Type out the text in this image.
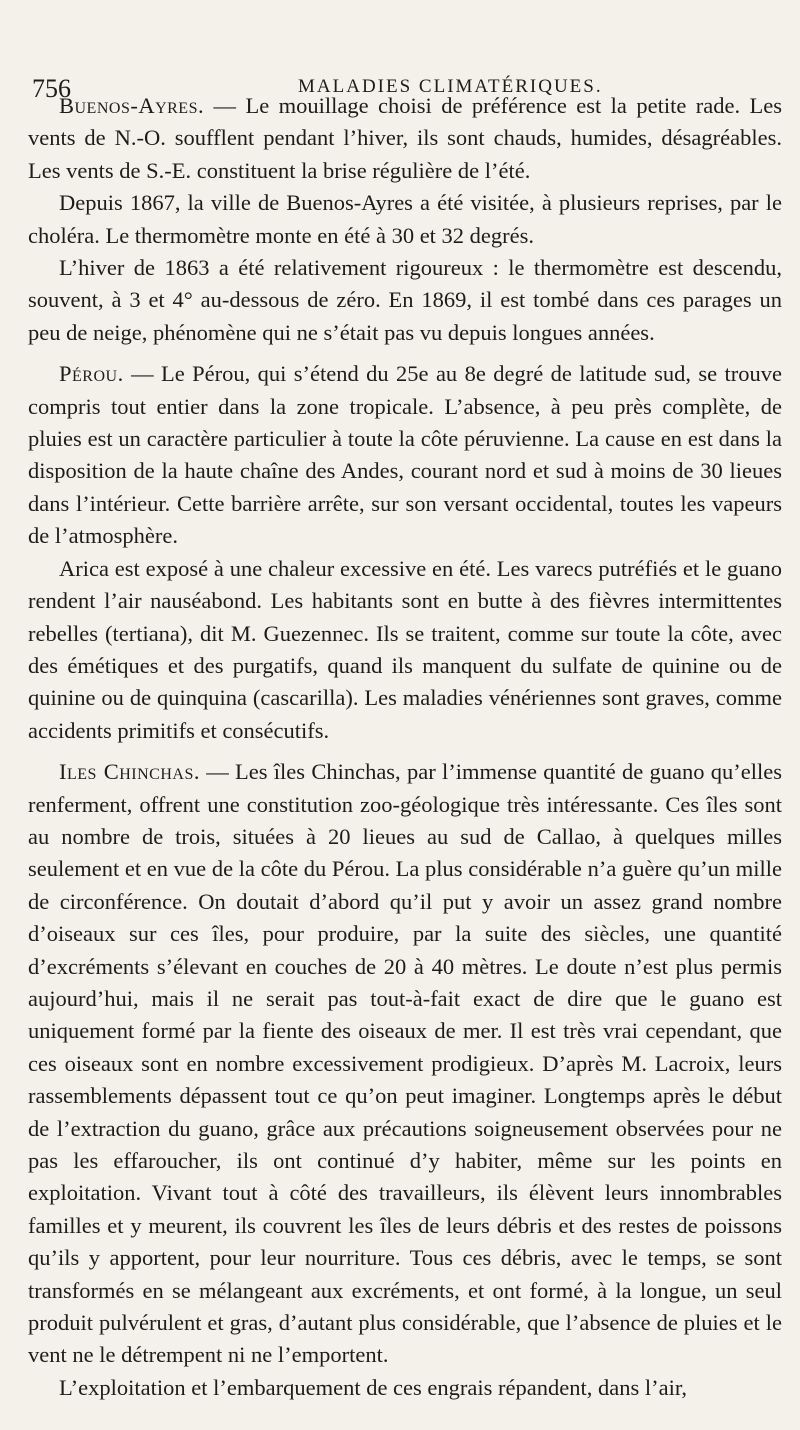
756	MALADIES CLIMATÉRIQUES.

Buenos-Ayres. — Le mouillage choisi de préférence est la petite rade. Les vents de N.-O. soufflent pendant l’hiver, ils sont chauds, humides, désagréables. Les vents de S.-E. constituent la brise régulière de l’été.

Depuis 1867, la ville de Buenos-Ayres a été visitée, à plusieurs reprises, par le choléra. Le thermomètre monte en été à 30 et 32 degrés.

L’hiver de 1863 a été relativement rigoureux : le thermomètre est descendu, souvent, à 3 et 4° au-dessous de zéro. En 1869, il est tombé dans ces parages un peu de neige, phénomène qui ne s’était pas vu depuis longues années.

Pérou. — Le Pérou, qui s’étend du 25e au 8e degré de latitude sud, se trouve compris tout entier dans la zone tropicale. L’absence, à peu près complète, de pluies est un caractère particulier à toute la côte péruvienne. La cause en est dans la disposition de la haute chaîne des Andes, courant nord et sud à moins de 30 lieues dans l’intérieur. Cette barrière arrête, sur son versant occidental, toutes les vapeurs de l’atmosphère.

Arica est exposé à une chaleur excessive en été. Les varecs putréfiés et le guano rendent l’air nauséabond. Les habitants sont en butte à des fièvres intermittentes rebelles (tertiana), dit M. Guezennec. Ils se traitent, comme sur toute la côte, avec des émétiques et des purgatifs, quand ils manquent du sulfate de quinine ou de quinine ou de quinquina (cascarilla). Les maladies vénériennes sont graves, comme accidents primitifs et consécutifs.

Iles Chinchas. — Les îles Chinchas, par l’immense quantité de guano qu’elles renferment, offrent une constitution zoo-géologique très intéressante. Ces îles sont au nombre de trois, situées à 20 lieues au sud de Callao, à quelques milles seulement et en vue de la côte du Pérou. La plus considérable n’a guère qu’un mille de circonférence. On doutait d’abord qu’il put y avoir un assez grand nombre d’oiseaux sur ces îles, pour produire, par la suite des siècles, une quantité d’excréments s’élevant en couches de 20 à 40 mètres. Le doute n’est plus permis aujourd’hui, mais il ne serait pas tout-à-fait exact de dire que le guano est uniquement formé par la fiente des oiseaux de mer. Il est très vrai cependant, que ces oiseaux sont en nombre excessivement prodigieux. D’après M. Lacroix, leurs rassemblements dépassent tout ce qu’on peut imaginer. Longtemps après le début de l’extraction du guano, grâce aux précautions soigneusement observées pour ne pas les effaroucher, ils ont continué d’y habiter, même sur les points en exploitation. Vivant tout à côté des travailleurs, ils élèvent leurs innombrables familles et y meurent, ils couvrent les îles de leurs débris et des restes de poissons qu’ils y apportent, pour leur nourriture. Tous ces débris, avec le temps, se sont transformés en se mélangeant aux excréments, et ont formé, à la longue, un seul produit pulvérulent et gras, d’autant plus considérable, que l’absence de pluies et le vent ne le détrempent ni ne l’emportent.

L’exploitation et l’embarquement de ces engrais répandent, dans l’air,
